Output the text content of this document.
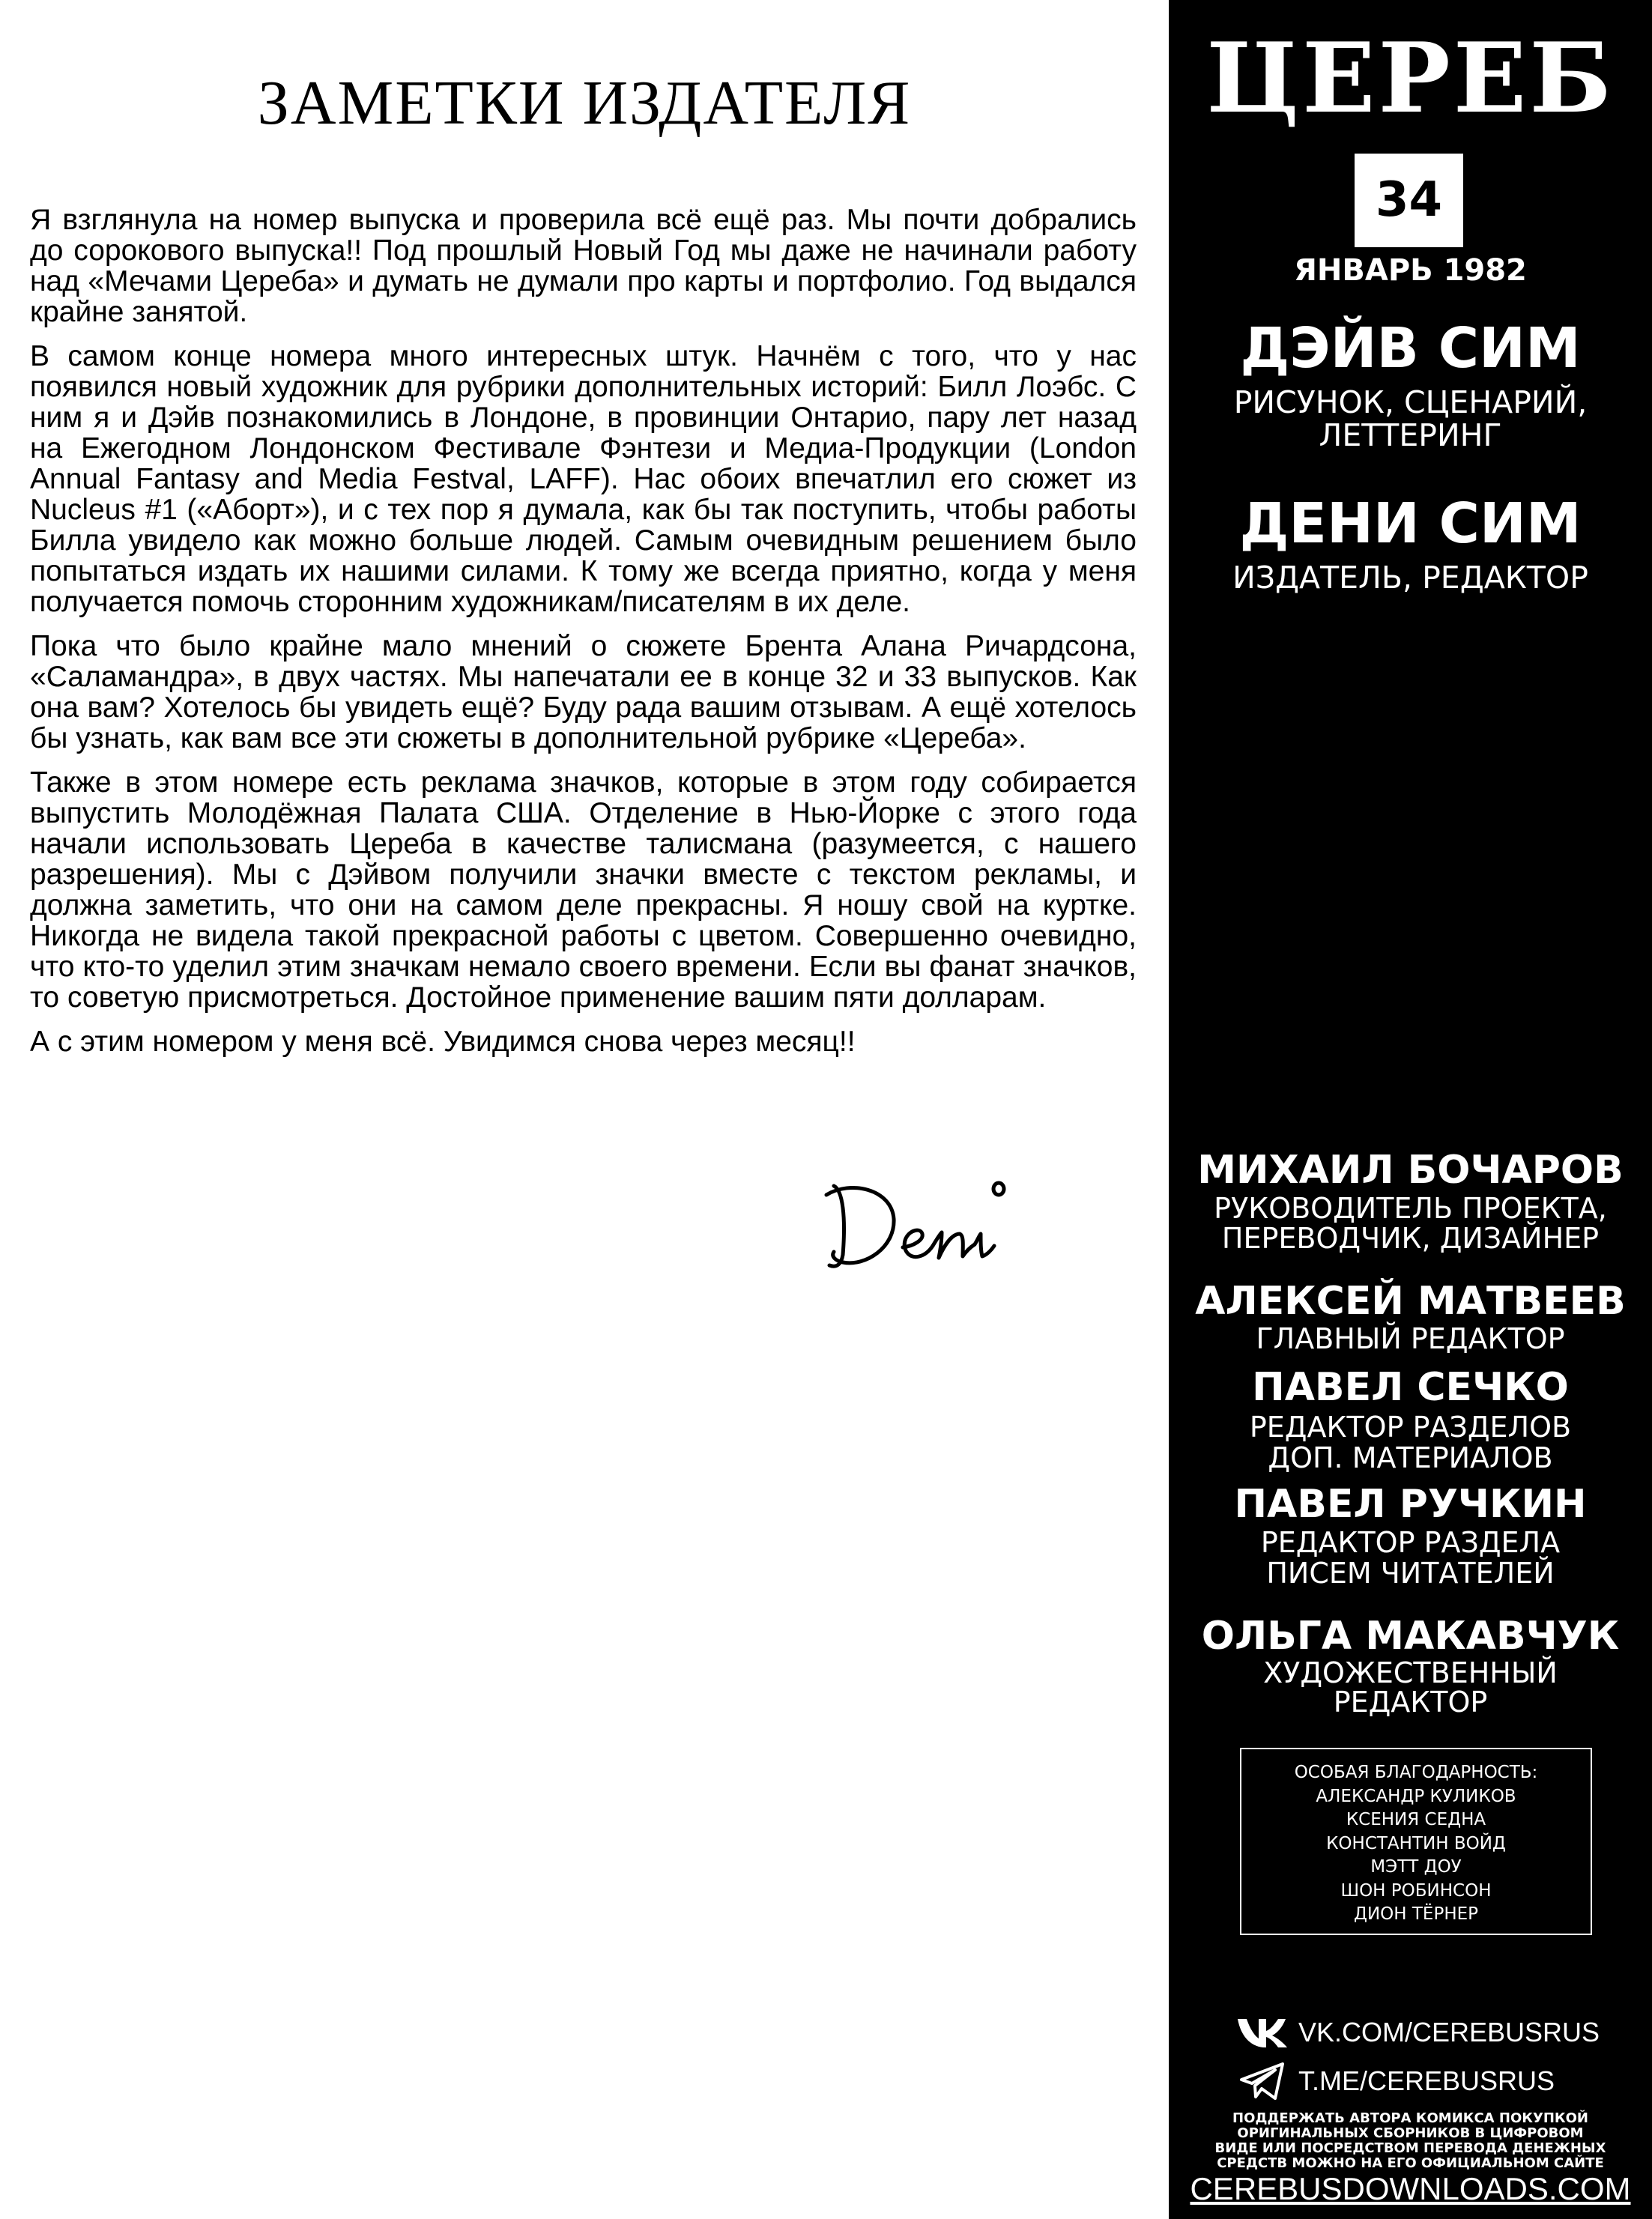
ЗАМЕТКИ ИЗДАТЕЛЯ

Я взглянула на номер выпуска и проверила всё ещё раз. Мы почти добрались до сорокового выпуска!! Под прошлый Новый Год мы даже не начинали работу над «Мечами Цереба» и думать не думали про карты и портфолио. Год выдался крайне занятой.

В самом конце номера много интересных штук. Начнём с того, что у нас появился новый художник для рубрики дополнительных историй: Билл Лоэбс. С ним я и Дэйв познакомились в Лондоне, в провинции Онтарио, пару лет назад на Ежегодном Лондонском Фестивале Фэнтези и Медиа-Продукции (London Annual Fantasy and Media Festval, LAFF). Нас обоих впечатлил его сюжет из Nucleus #1 («Аборт»), и с тех пор я думала, как бы так поступить, чтобы работы Билла увидело как можно больше людей. Самым очевидным решением было попытаться издать их нашими силами. К тому же всегда приятно, когда у меня получается помочь сторонним художникам/писателям в их деле.

Пока что было крайне мало мнений о сюжете Брента Алана Ричардсона, «Саламандра», в двух частях. Мы напечатали ее в конце 32 и 33 выпусков. Как она вам? Хотелось бы увидеть ещё? Буду рада вашим отзывам. А ещё хотелось бы узнать, как вам все эти сюжеты в дополнительной рубрике «Цереба».

Также в этом номере есть реклама значков, которые в этом году собирается выпустить Молодёжная Палата США. Отделение в Нью-Йорке с этого года начали использовать Цереба в качестве талисмана (разумеется, с нашего разрешения). Мы с Дэйвом получили значки вместе с текстом рекламы, и должна заметить, что они на самом деле прекрасны. Я ношу свой на куртке. Никогда не видела такой прекрасной работы с цветом. Совершенно очевидно, что кто-то уделил этим значкам немало своего времени. Если вы фанат значков, то советую присмотреться. Достойное применение вашим пяти долларам.

А с этим номером у меня всё. Увидимся снова через месяц!!

ЦЕРЕБ
34
ЯНВАРЬ 1982
ДЭЙВ СИМ
РИСУНОК, СЦЕНАРИЙ,
ЛЕТТЕРИНГ
ДЕНИ СИМ
ИЗДАТЕЛЬ, РЕДАКТОР
МИХАИЛ БОЧАРОВ
РУКОВОДИТЕЛЬ ПРОЕКТА,
ПЕРЕВОДЧИК, ДИЗАЙНЕР
АЛЕКСЕЙ МАТВЕЕВ
ГЛАВНЫЙ РЕДАКТОР
ПАВЕЛ СЕЧКО
РЕДАКТОР РАЗДЕЛОВ
ДОП. МАТЕРИАЛОВ
ПАВЕЛ РУЧКИН
РЕДАКТОР РАЗДЕЛА
ПИСЕМ ЧИТАТЕЛЕЙ
ОЛЬГА МАКАВЧУК
ХУДОЖЕСТВЕННЫЙ
РЕДАКТОР
ОСОБАЯ БЛАГОДАРНОСТЬ:
АЛЕКСАНДР КУЛИКОВ
КСЕНИЯ СЕДНА
КОНСТАНТИН ВОЙД
МЭТТ ДОУ
ШОН РОБИНСОН
ДИОН ТЁРНЕР
VK.COM/CEREBUSRUS
T.ME/CEREBUSRUS
ПОДДЕРЖАТЬ АВТОРА КОМИКСА ПОКУПКОЙ
ОРИГИНАЛЬНЫХ СБОРНИКОВ В ЦИФРОВОМ
ВИДЕ ИЛИ ПОСРЕДСТВОМ ПЕРЕВОДА ДЕНЕЖНЫХ
СРЕДСТВ МОЖНО НА ЕГО ОФИЦИАЛЬНОМ САЙТЕ
CEREBUSDOWNLOADS.COM
